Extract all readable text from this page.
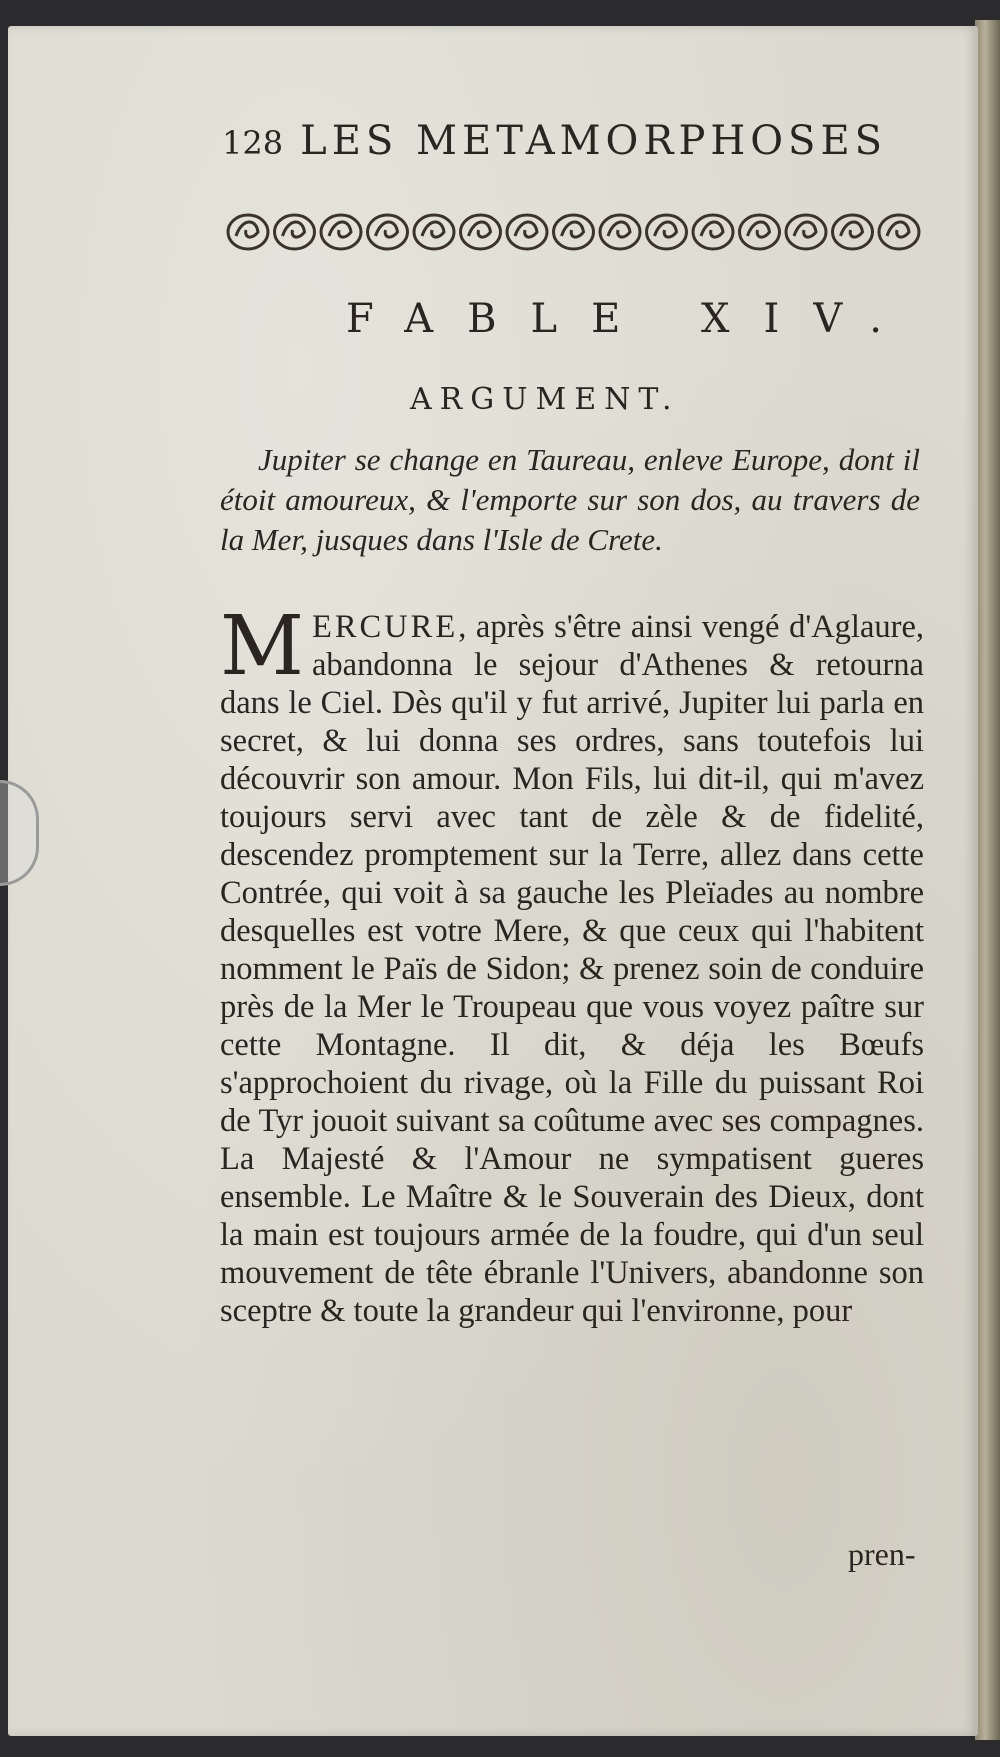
128 LES METAMORPHOSES
FABLE XIV.
ARGUMENT.
Jupiter se change en Taureau, enleve Europe, dont il étoit amoureux, & l'emporte sur son dos, au travers de la Mer, jusques dans l'Isle de Crete.
MERCURE, après s'être ainsi vengé d'Aglaure, abandonna le sejour d'Athenes & retourna dans le Ciel. Dès qu'il y fut arrivé, Jupiter lui parla en secret, & lui donna ses ordres, sans toutefois lui découvrir son amour. Mon Fils, lui dit-il, qui m'avez toujours servi avec tant de zèle & de fidelité, descendez promptement sur la Terre, allez dans cette Contrée, qui voit à sa gauche les Pleïades au nombre desquelles est votre Mere, & que ceux qui l'habitent nomment le Païs de Sidon; & prenez soin de conduire près de la Mer le Troupeau que vous voyez paître sur cette Montagne. Il dit, & déja les Bœufs s'approchoient du rivage, où la Fille du puissant Roi de Tyr jouoit suivant sa coûtume avec ses compagnes. La Majesté & l'Amour ne sympatisent gueres ensemble. Le Maître & le Souverain des Dieux, dont la main est toujours armée de la foudre, qui d'un seul mouvement de tête ébranle l'Univers, abandonne son sceptre & toute la grandeur qui l'environne, pour
pren-
